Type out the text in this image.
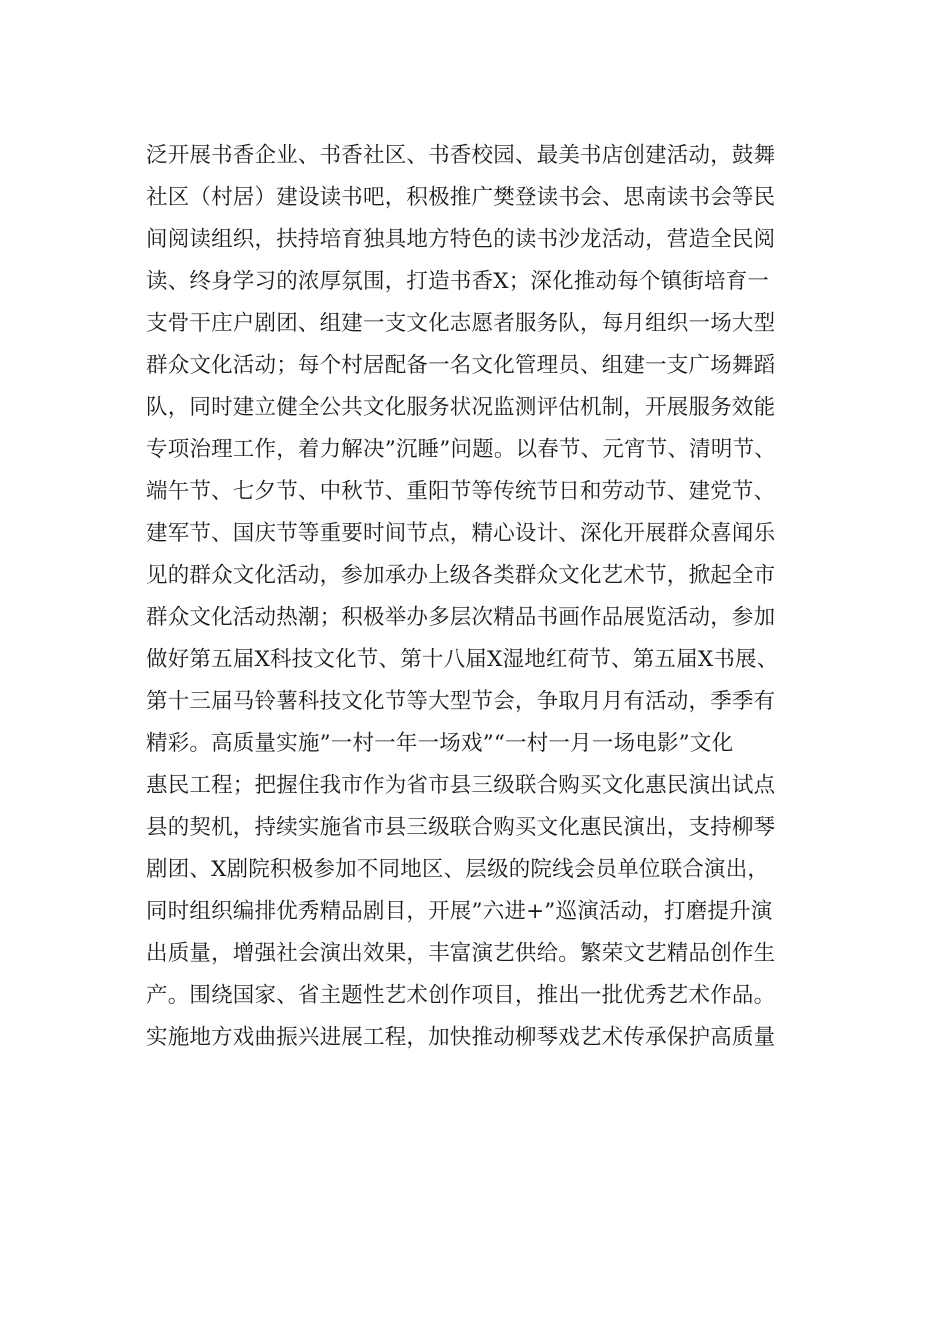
泛开展书香企业、书香社区、书香校园、最美书店创建活动，鼓舞
社区（村居）建设读书吧，积极推广樊登读书会、思南读书会等民
间阅读组织，扶持培育独具地方特色的读书沙龙活动，营造全民阅
读、终身学习的浓厚氛围，打造书香X；深化推动每个镇街培育一
支骨干庄户剧团、组建一支文化志愿者服务队，每月组织一场大型
群众文化活动；每个村居配备一名文化管理员、组建一支广场舞蹈
队，同时建立健全公共文化服务状况监测评估机制，开展服务效能
专项治理工作，着力解决”沉睡”问题。以春节、元宵节、清明节、
端午节、七夕节、中秋节、重阳节等传统节日和劳动节、建党节、
建军节、国庆节等重要时间节点，精心设计、深化开展群众喜闻乐
见的群众文化活动，参加承办上级各类群众文化艺术节，掀起全市
群众文化活动热潮；积极举办多层次精品书画作品展览活动，参加
做好第五届X科技文化节、第十八届X湿地红荷节、第五届X书展、
第十三届马铃薯科技文化节等大型节会，争取月月有活动，季季有
精彩。高质量实施”一村一年一场戏”“一村一月一场电影”文化
惠民工程；把握住我市作为省市县三级联合购买文化惠民演出试点
县的契机，持续实施省市县三级联合购买文化惠民演出，支持柳琴
剧团、X剧院积极参加不同地区、层级的院线会员单位联合演出，
同时组织编排优秀精品剧目，开展”六进+”巡演活动，打磨提升演
出质量，增强社会演出效果，丰富演艺供给。繁荣文艺精品创作生
产。围绕国家、省主题性艺术创作项目，推出一批优秀艺术作品。
实施地方戏曲振兴进展工程，加快推动柳琴戏艺术传承保护高质量
